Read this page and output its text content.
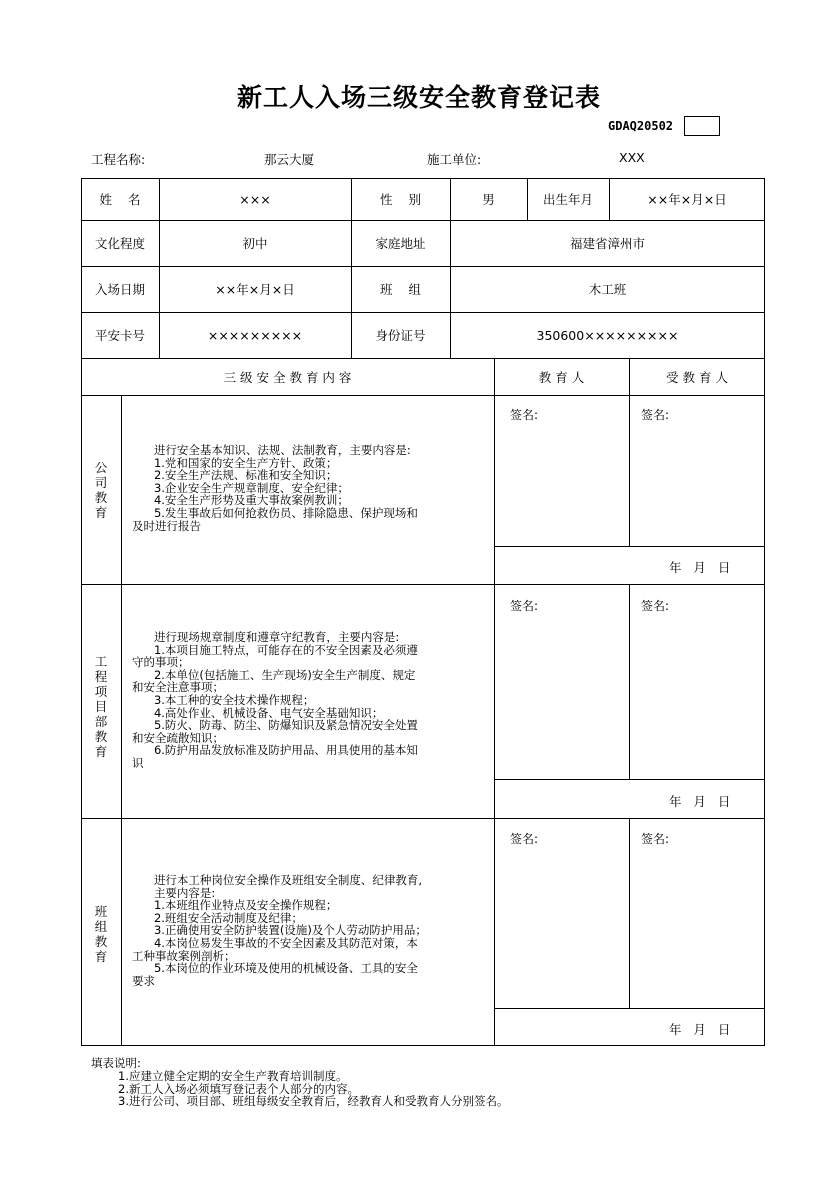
新工人入场三级安全教育登记表
GDAQ20502
工程名称:	那云大厦	施工单位:	XXX
姓    名	×××	性    别	男	出生年月	××年×月×日
文化程度	初中	家庭地址	福建省漳州市
入场日期	××年×月×日	班    组	木工班
平安卡号	×××××××××	身份证号	350600×××××××××
三 级 安 全 教 育 内 容	教 育 人	受 教 育 人
公司教育
进行安全基本知识、法规、法制教育，主要内容是:
1.党和国家的安全生产方针、政策；
2.安全生产法规、标准和安全知识；
3.企业安全生产规章制度、安全纪律；
4.安全生产形势及重大事故案例教训；
5.发生事故后如何抢救伤员、排除隐患、保护现场和
及时进行报告
签名:	签名:
年   月   日
工程项目部教育
进行现场规章制度和遵章守纪教育，主要内容是:
1.本项目施工特点，可能存在的不安全因素及必须遵
守的事项；
2.本单位(包括施工、生产现场)安全生产制度、规定
和安全注意事项；
3.本工种的安全技术操作规程；
4.高处作业、机械设备、电气安全基础知识；
5.防火、防毒、防尘、防爆知识及紧急情况安全处置
和安全疏散知识；
6.防护用品发放标准及防护用品、用具使用的基本知
识
签名:	签名:
年   月   日
班组教育
进行本工种岗位安全操作及班组安全制度、纪律教育,
主要内容是:
1.本班组作业特点及安全操作规程；
2.班组安全活动制度及纪律；
3.正确使用安全防护装置(设施)及个人劳动防护用品；
4.本岗位易发生事故的不安全因素及其防范对策，本
工种事故案例剖析；
5.本岗位的作业环境及使用的机械设备、工具的安全
要求
签名:	签名:
年   月   日
填表说明:
1.应建立健全定期的安全生产教育培训制度。
2.新工人入场必须填写登记表个人部分的内容。
3.进行公司、项目部、班组每级安全教育后，经教育人和受教育人分别签名。
